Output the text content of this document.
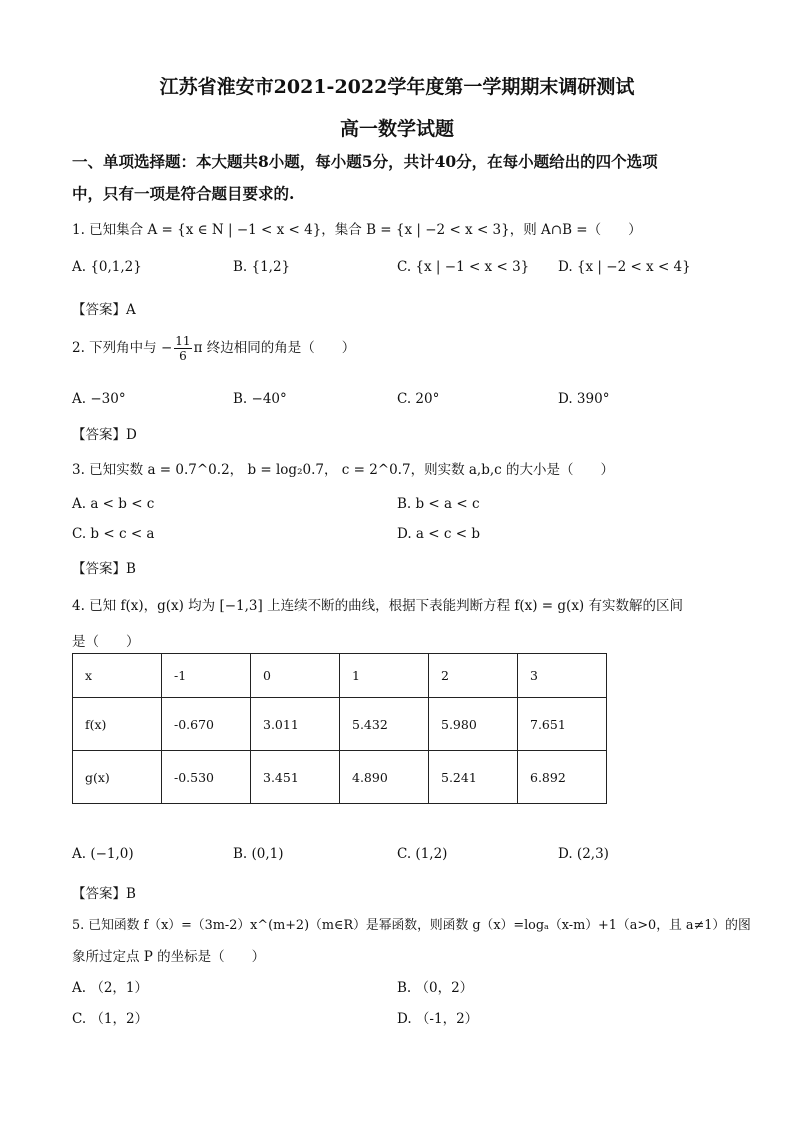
江苏省淮安市2021-2022学年度第一学期期末调研测试
高一数学试题
一、单项选择题：本大题共8小题，每小题5分，共计40分，在每小题给出的四个选项
中，只有一项是符合题目要求的.
1. 已知集合 A = {x ∈ N | −1 < x < 4}，集合 B = {x | −2 < x < 3}，则 A∩B =（　　）
A. {0,1,2}	B. {1,2}	C. {x | −1 < x < 3} D. {x | −2 < x < 4}
【答案】A
2. 下列角中与 − $\frac{11}{6}$ π 终边相同的角是（　　）
A. −30°	B. −40°	C. 20°	D. 390°
【答案】D
3. 已知实数 a = 0.7^0.2， b = log₂0.7， c = 2^0.7，则实数 a,b,c 的大小是（　　）
A. a < b < c	B. b < a < c
C. b < c < a	D. a < c < b
【答案】B
4. 已知 f(x)，g(x) 均为 [−1,3] 上连续不断的曲线，根据下表能判断方程 f(x) = g(x) 有实数解的区间
是（　　）
x	-1	0	1	2	3
f(x)	-0.670	3.011	5.432	5.980	7.651
g(x)	-0.530	3.451	4.890	5.241	6.892
A. (−1,0)	B. (0,1)	C. (1,2)	D. (2,3)
【答案】B
5. 已知函数 f（x）=（3m-2）x^(m+2)（m∈R）是幂函数，则函数 g（x）=logₐ（x-m）+1（a>0，且 a≠1）的图
象所过定点 P 的坐标是（　　）
A. （2，1）	B. （0，2）
C. （1，2）	D. （-1，2）
